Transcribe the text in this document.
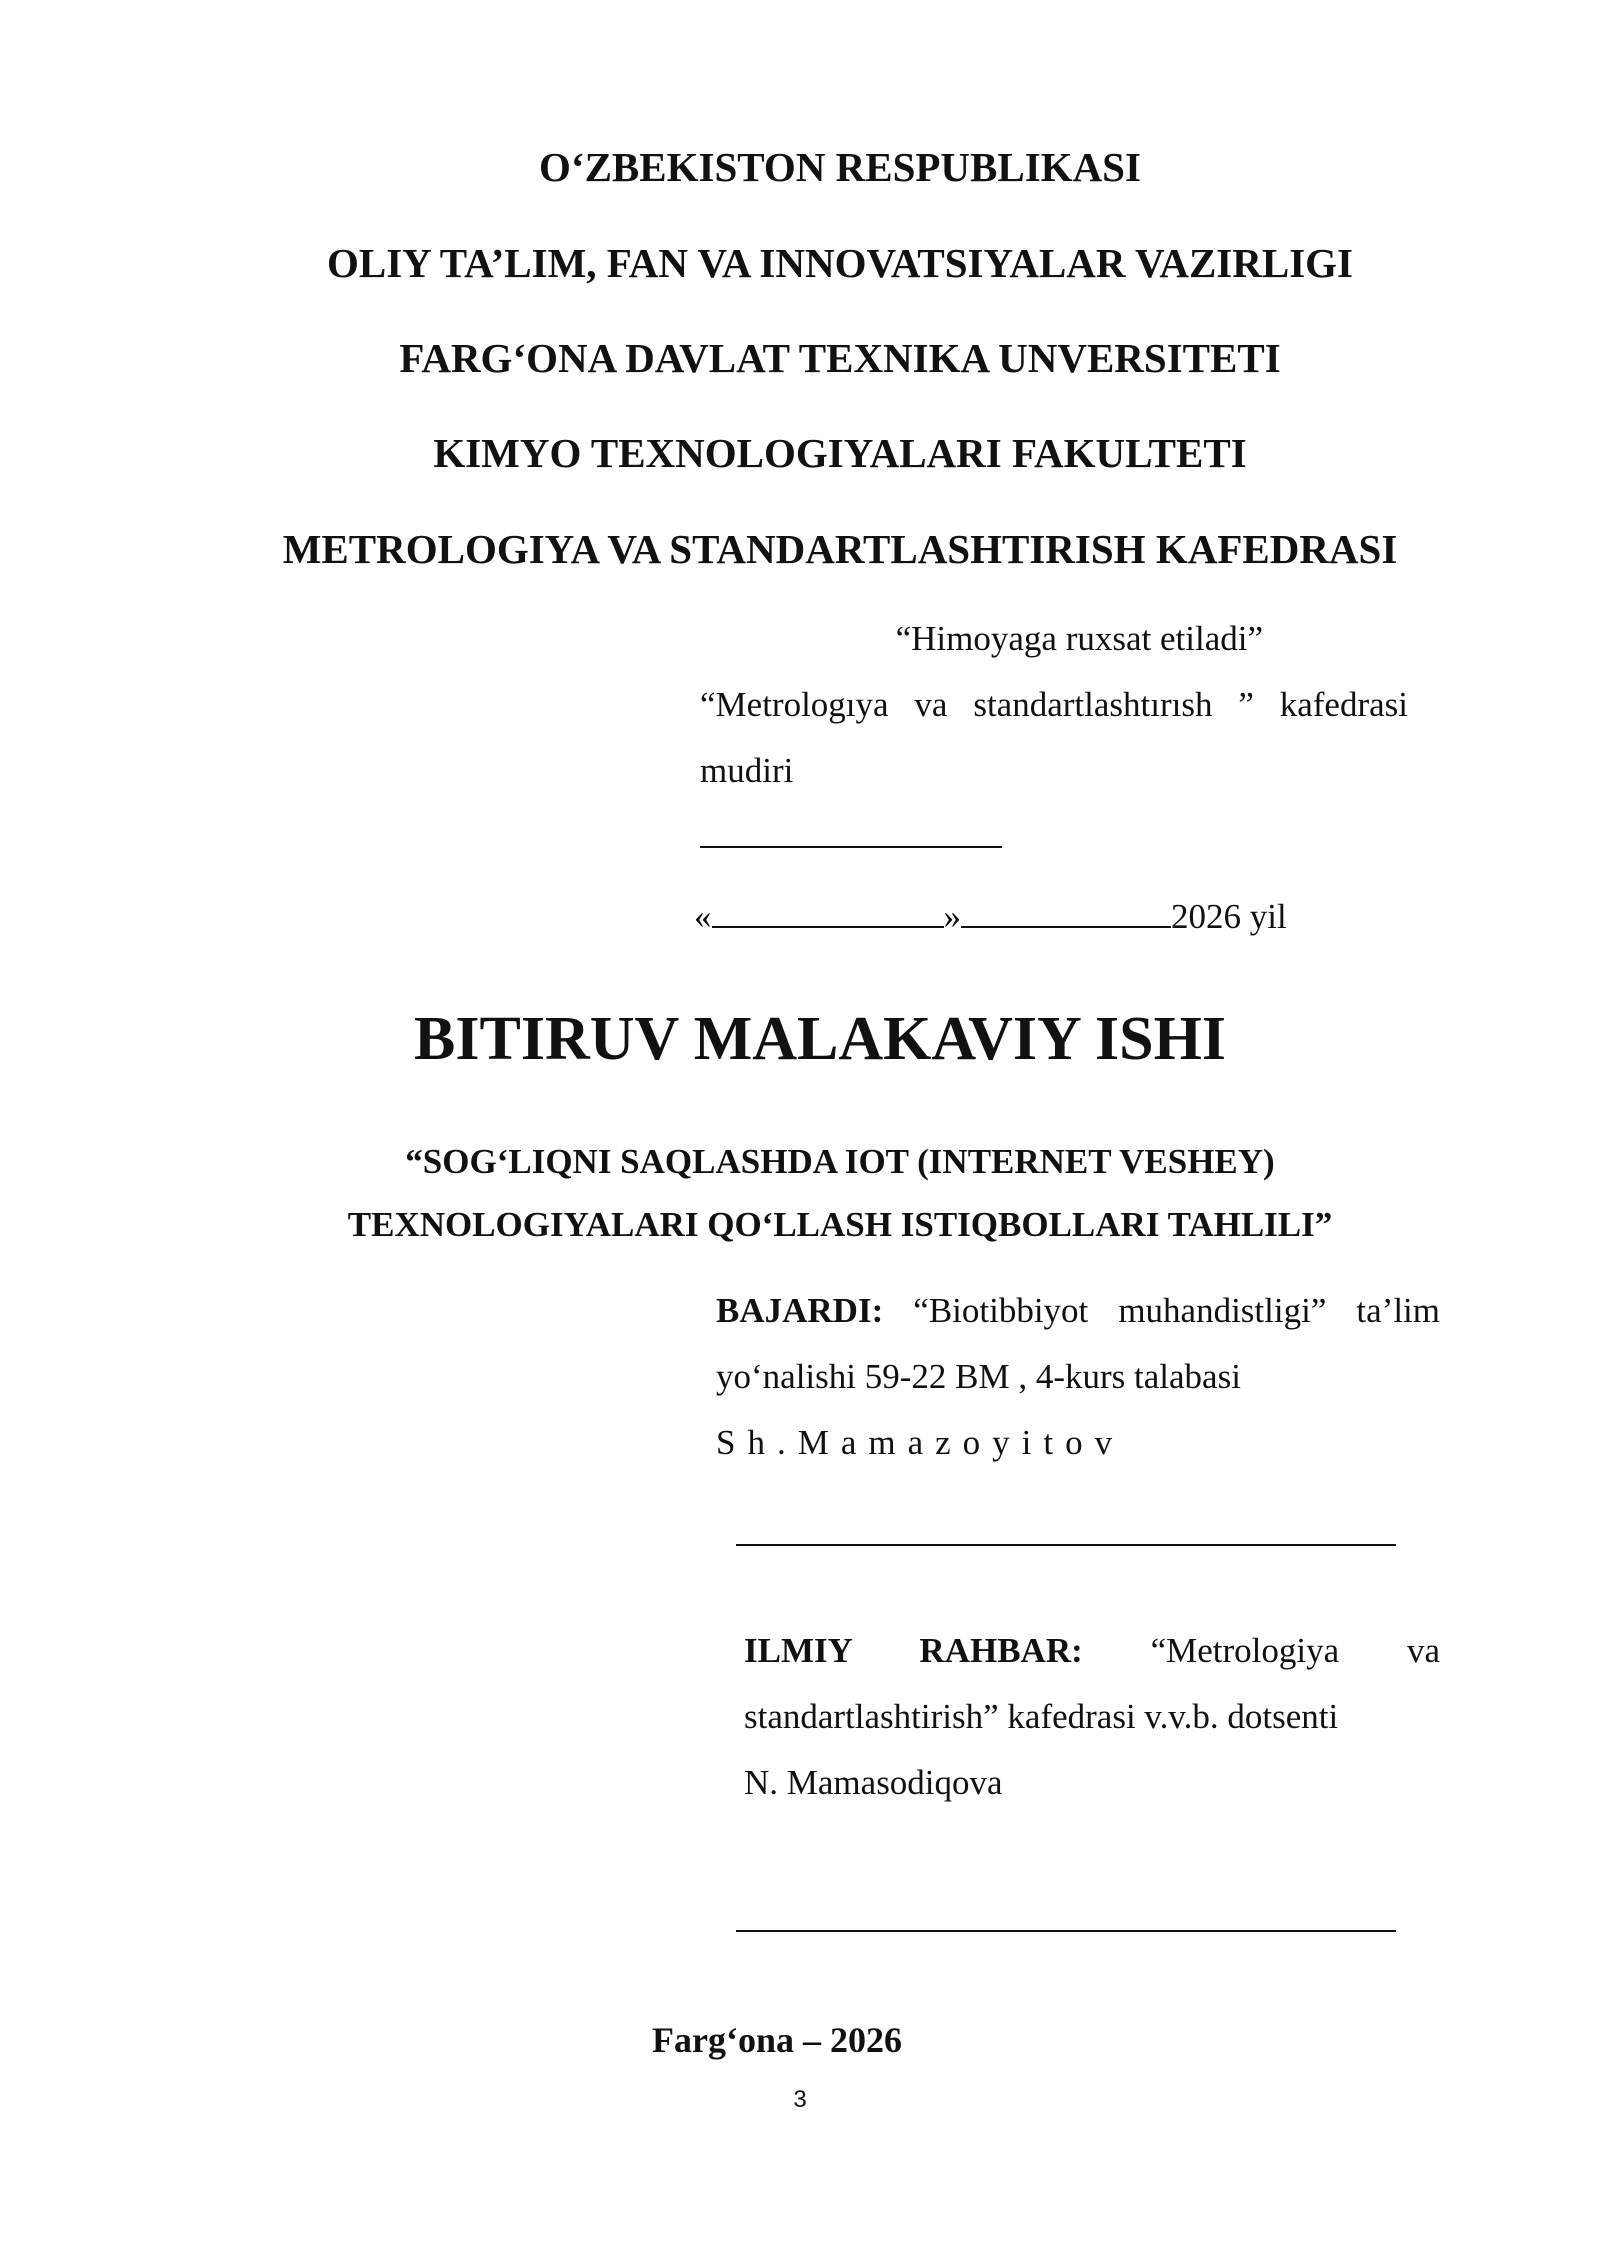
O‘ZBEKISTON RESPUBLIKASI
OLIY TA’LIM, FAN VA INNOVATSIYALAR VAZIRLIGI
FARG‘ONA DAVLAT TEXNIKA UNVERSITETI
KIMYO TEXNOLOGIYALARI FAKULTETI
METROLOGIYA VA STANDARTLASHTIRISH KAFEDRASI
“Himoyaga ruxsat etiladi”
“Metrologıya va standartlashtırısh ” kafedrasi mudiri
«	»	2026 yil
BITIRUV MALAKAVIY ISHI
“SOG‘LIQNI SAQLASHDA IOT (INTERNET VESHEY)
TEXNOLOGIYALARI QO‘LLASH ISTIQBOLLARI TAHLILI”
BAJARDI: “Biotibbiyot muhandistligi” ta’lim yo‘nalishi 59-22 BM , 4-kurs talabasi
Sh.Mamazoyitov
ILMIY RAHBAR: “Metrologiya va standartlashtirish” kafedrasi v.v.b. dotsenti
N. Mamasodiqova
Farg‘ona – 2026
3
